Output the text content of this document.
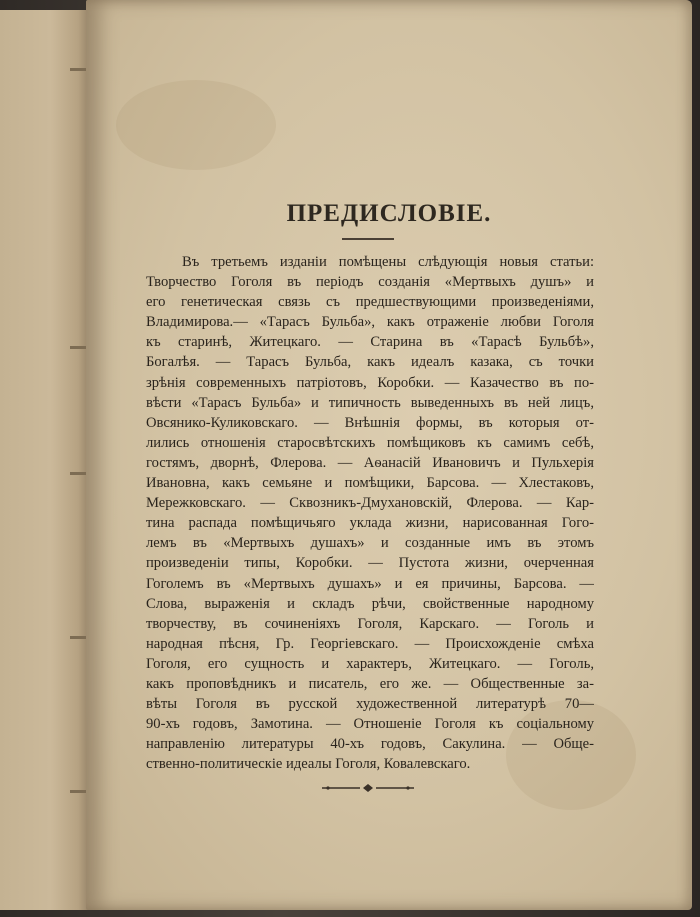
ПРЕДИСЛОВІЕ.
Въ третьемъ изданіи помѣщены слѣдующія новыя статьи:
Творчество Гоголя въ періодъ созданія «Мертвыхъ душъ» и
его генетическая связь съ предшествующими произведеніями,
Владимирова.— «Тарасъ Бульба», какъ отраженіе любви Гоголя
къ старинѣ, Житецкаго. — Старина въ «Тарасѣ Бульбѣ»,
Богалѣя. — Тарасъ Бульба, какъ идеалъ казака, съ точки
зрѣнія современныхъ патріотовъ, Коробки. — Казачество въ по-
вѣсти «Тарасъ Бульба» и типичность выведенныхъ въ ней лицъ,
Овсянико-Куликовскаго. — Внѣшнія формы, въ которыя от-
лились отношенія старосвѣтскихъ помѣщиковъ къ самимъ себѣ,
гостямъ, дворнѣ, Флерова. — Аѳанасій Ивановичъ и Пульхерія
Ивановна, какъ семьяне и помѣщики, Барсова. — Хлестаковъ,
Мережковскаго. — Сквозникъ-Дмухановскій, Флерова. — Кар-
тина распада помѣщичьяго уклада жизни, нарисованная Гого-
лемъ въ «Мертвыхъ душахъ» и созданные имъ въ этомъ
произведеніи типы, Коробки. — Пустота жизни, очерченная
Гоголемъ въ «Мертвыхъ душахъ» и ея причины, Барсова. —
Слова, выраженія и складъ рѣчи, свойственные народному
творчеству, въ сочиненіяхъ Гоголя, Карскаго. — Гоголь и
народная пѣсня, Гр. Георгіевскаго. — Происхожденіе смѣха
Гоголя, его сущность и характеръ, Житецкаго. — Гоголь,
какъ проповѣдникъ и писатель, его же. — Общественные за-
вѣты Гоголя въ русской художественной литературѣ 70—
90-хъ годовъ, Замотина. — Отношеніе Гоголя къ соціальному
направленію литературы 40-хъ годовъ, Сакулина. — Обще-
ственно-политическіе идеалы Гоголя, Ковалевскаго.
